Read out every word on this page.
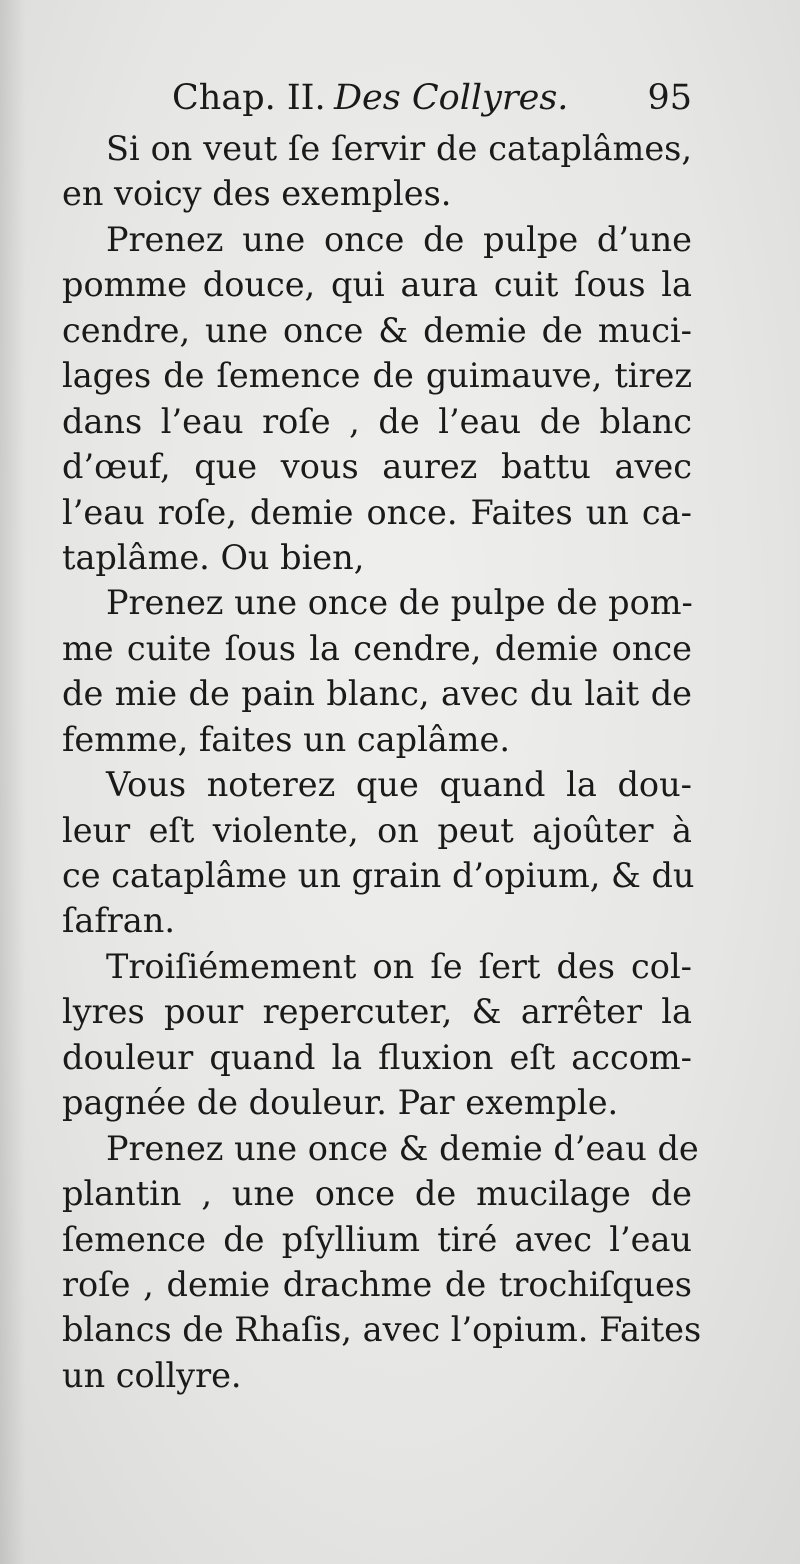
Chap. II. Des Collyres. 95
Si on veut ſe ſervir de cataplâmes,
en voicy des exemples.
Prenez une once de pulpe d’une
pomme douce, qui aura cuit ſous la
cendre, une once & demie de muci-
lages de ſemence de guimauve, tirez
dans l’eau roſe , de l’eau de blanc
d’œuf, que vous aurez battu avec
l’eau roſe, demie once. Faites un ca-
taplâme. Ou bien,
Prenez une once de pulpe de pom-
me cuite ſous la cendre, demie once
de mie de pain blanc, avec du lait de
femme, faites un caplâme.
Vous noterez que quand la dou-
leur eſt violente, on peut ajoûter à
ce cataplâme un grain d’opium, & du
ſafran.
Troiſiémement on ſe ſert des col-
lyres pour repercuter, & arrêter la
douleur quand la fluxion eſt accom-
pagnée de douleur. Par exemple.
Prenez une once & demie d’eau de
plantin , une once de mucilage de
ſemence de pſyllium tiré avec l’eau
roſe , demie drachme de trochiſques
blancs de Rhaſis, avec l’opium. Faites
un collyre.
